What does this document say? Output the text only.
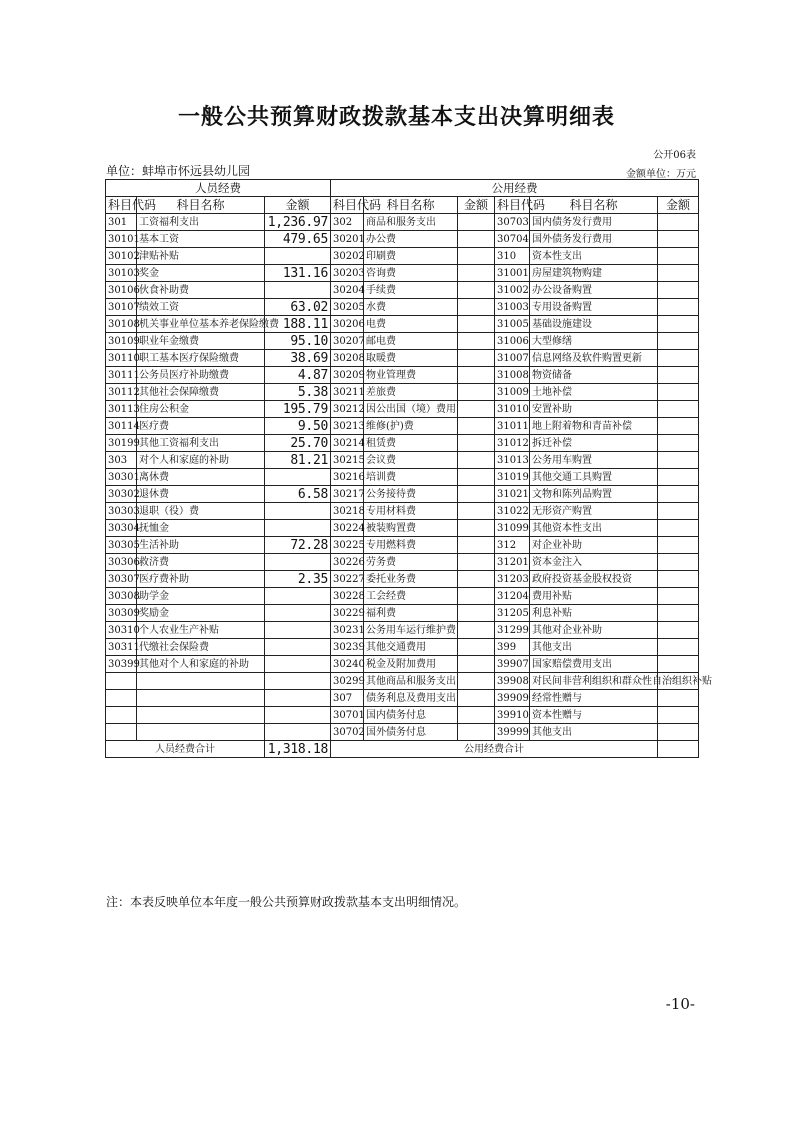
一般公共预算财政拨款基本支出决算明细表
公开06表
单位：蚌埠市怀远县幼儿园	金额单位：万元
人员经费			公用经费					
科目代码	科目名称	金额	科目代码	科目名称	金额	科目代码	科目名称	金额
301	工资福利支出	1,236.97	302	商品和服务支出		30703	国内债务发行费用	
30101	基本工资	479.65	30201	办公费		30704	国外债务发行费用	
30102	津贴补贴		30202	印刷费		310	资本性支出	
30103	奖金	131.16	30203	咨询费		31001	房屋建筑物购建	
30106	伙食补助费		30204	手续费		31002	办公设备购置	
30107	绩效工资	63.02	30205	水费		31003	专用设备购置	
30108	机关事业单位基本养老保险缴费	188.11	30206	电费		31005	基础设施建设	
30109	职业年金缴费	95.10	30207	邮电费		31006	大型修缮	
30110	职工基本医疗保险缴费	38.69	30208	取暖费		31007	信息网络及软件购置更新	
30111	公务员医疗补助缴费	4.87	30209	物业管理费		31008	物资储备	
30112	其他社会保障缴费	5.38	30211	差旅费		31009	土地补偿	
30113	住房公积金	195.79	30212	因公出国（境）费用		31010	安置补助	
30114	医疗费	9.50	30213	维修(护)费		31011	地上附着物和青苗补偿	
30199	其他工资福利支出	25.70	30214	租赁费		31012	拆迁补偿	
303	对个人和家庭的补助	81.21	30215	会议费		31013	公务用车购置	
30301	离休费		30216	培训费		31019	其他交通工具购置	
30302	退休费	6.58	30217	公务接待费		31021	文物和陈列品购置	
30303	退职（役）费		30218	专用材料费		31022	无形资产购置	
30304	抚恤金		30224	被装购置费		31099	其他资本性支出	
30305	生活补助	72.28	30225	专用燃料费		312	对企业补助	
30306	救济费		30226	劳务费		31201	资本金注入	
30307	医疗费补助	2.35	30227	委托业务费		31203	政府投资基金股权投资	
30308	助学金		30228	工会经费		31204	费用补贴	
30309	奖励金		30229	福利费		31205	利息补贴	
30310	个人农业生产补贴		30231	公务用车运行维护费		31299	其他对企业补助	
30311	代缴社会保险费		30239	其他交通费用		399	其他支出	
30399	其他对个人和家庭的补助		30240	税金及附加费用		39907	国家赔偿费用支出	
			30299	其他商品和服务支出		39908	对民间非营利组织和群众性自治组织补贴	
			307	债务利息及费用支出		39909	经常性赠与	
			30701	国内债务付息		39910	资本性赠与	
			30702	国外债务付息		39999	其他支出	
人员经费合计		1,318.18	公用经费合计					
注：本表反映单位本年度一般公共预算财政拨款基本支出明细情况。
-10-
